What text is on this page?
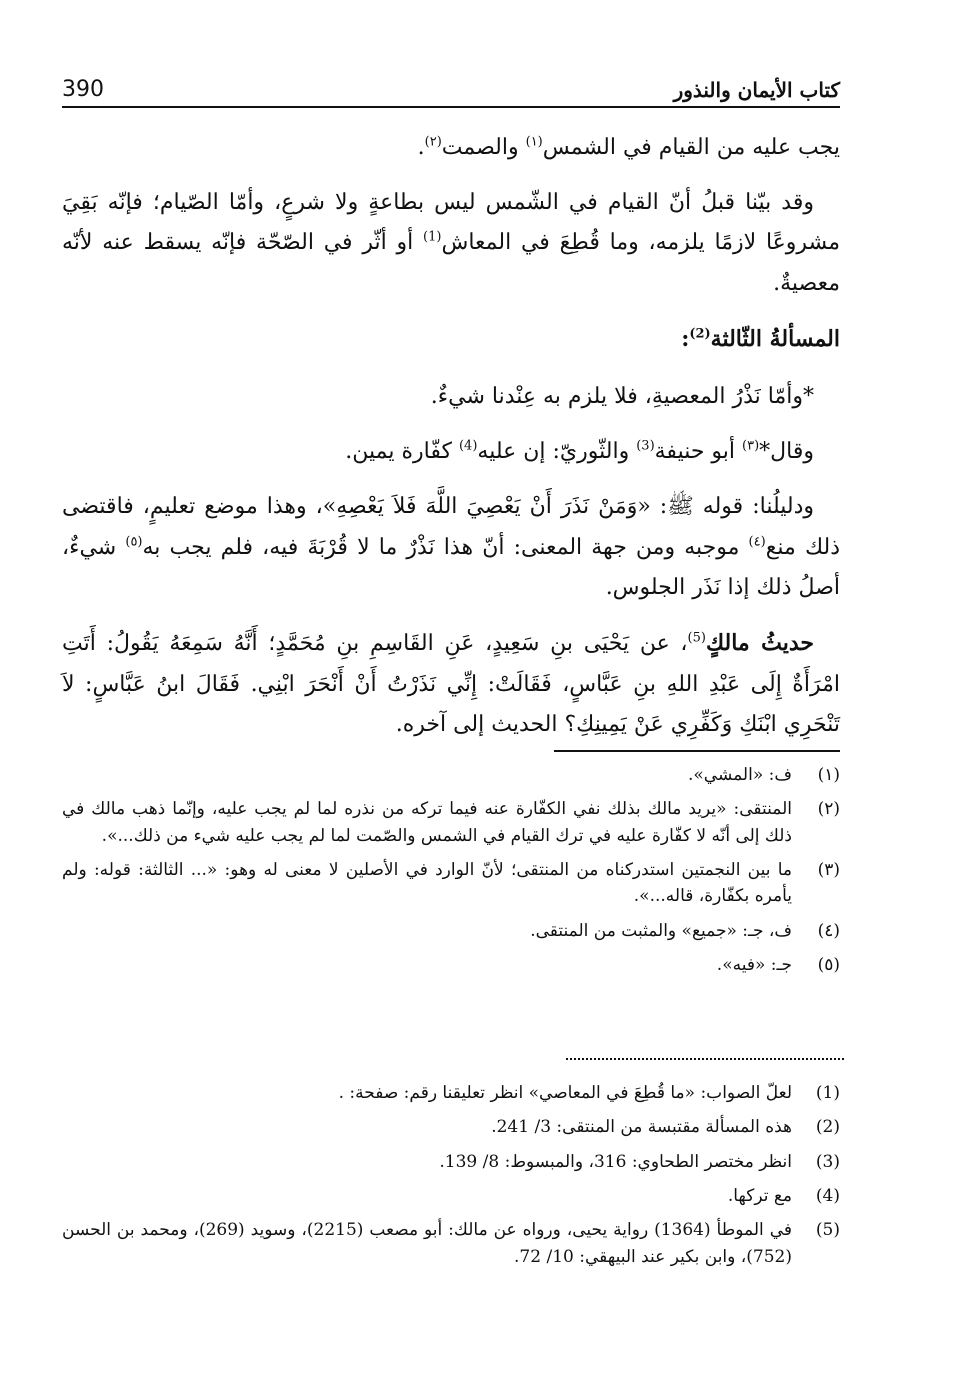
390	كتاب الأيمان والنذور

يجب عليه من القيام في الشمس$^{(١)}$ والصمت$^{(٢)}$.

وقد بيّنا قبلُ أنّ القيام في الشّمس ليس بطاعةٍ ولا شرعٍ، وأمّا الصّيام؛ فإنّه بَقِيَ مشروعًا لازمًا يلزمه، وما قُطِعَ في المعاش$^{(1)}$ أو أثّر في الصّحّة فإنّه يسقط عنه لأنّه معصيةٌ.

المسألةُ الثّالثة$^{(2)}$:

*وأمّا نَذْرُ المعصيةِ، فلا يلزم به عِنْدنا شيءٌ.

وقال*$^{(٣)}$ أبو حنيفة$^{(3)}$ والثّوريّ: إن عليه$^{(4)}$ كفّارة يمين.

ودليلُنا: قوله ﷺ: «وَمَنْ نَذَرَ أَنْ يَعْصِيَ اللَّهَ فَلاَ يَعْصِهِ»، وهذا موضع تعليمٍ، فاقتضى ذلك منع$^{(٤)}$ موجبه ومن جهة المعنى: أنّ هذا نَذْرٌ ما لا قُرْبَةَ فيه، فلم يجب به$^{(٥)}$ شيءٌ، أصلُ ذلك إذا نَذَر الجلوس.

حديثُ مالكٍ$^{(5)}$، عن يَحْيَى بنِ سَعِيدٍ، عَنِ القَاسِمِ بنِ مُحَمَّدٍ؛ أَنَّهُ سَمِعَهُ يَقُولُ: أَتَتِ امْرَأَةٌ إِلَى عَبْدِ اللهِ بنِ عَبَّاسٍ، فَقَالَتْ: إِنِّي نَذَرْتُ أَنْ أَنْحَرَ ابْنِي. فَقَالَ ابنُ عَبَّاسٍ: لاَ تَنْحَرِي ابْنَكِ وَكَفِّرِي عَنْ يَمِينِكِ؟ الحديث إلى آخره.

(١)
ف: «المشي».
(٢)
المنتقى: «يريد مالك بذلك نفي الكفّارة عنه فيما تركه من نذره لما لم يجب عليه، وإنّما ذهب مالك في ذلك إلى أنّه لا كفّارة عليه في ترك القيام في الشمس والصّمت لما لم يجب عليه شيء من ذلك...».
(٣)
ما بين النجمتين استدركناه من المنتقى؛ لأنّ الوارد في الأصلين لا معنى له وهو: «... الثالثة: قوله: ولم يأمره بكفّارة، قاله...».
(٤)
ف، جـ: «جميع» والمثبت من المنتقى.
(٥)
جـ: «فيه».
(1)
لعلّ الصواب: «ما قُطِعَ في المعاصي» انظر تعليقنا رقم: صفحة: .
(2)
هذه المسألة مقتبسة من المنتقى: 3/ 241.
(3)
انظر مختصر الطحاوي: 316، والمبسوط: 8/ 139.
(4)
مع تركها.
(5)
في الموطأ (1364) رواية يحيى، ورواه عن مالك: أبو مصعب (2215)، وسويد (269)، ومحمد بن الحسن (752)، وابن بكير عند البيهقي: 10/ 72.
